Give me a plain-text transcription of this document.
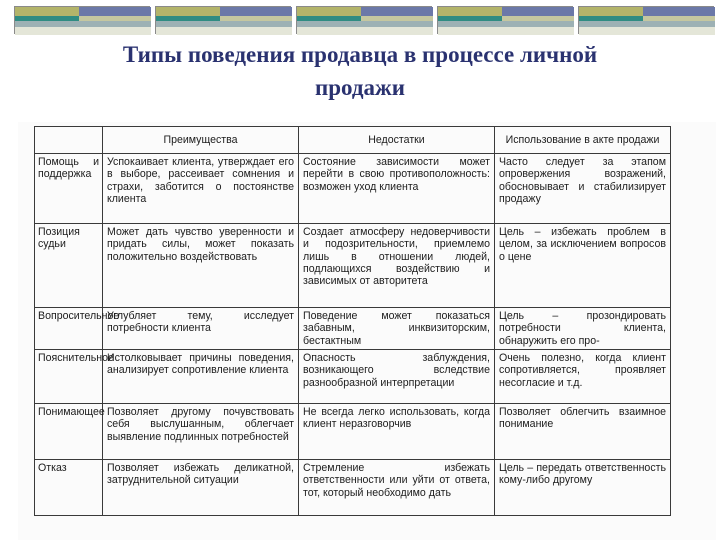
Типы поведения продавца в процессе личной
продажи
	Преимущества	Недостатки	Использование в акте продажи
Помощь и поддержка	Успокаивает клиента, утверждает его в выборе, рассеивает сомнения и страхи, заботится о постоянстве клиента	Состояние зависимости может перейти в свою противоположность: возможен уход клиента	Часто следует за этапом опровержения возражений, обосновывает и стабилизирует продажу
Позиция судьи	Может дать чувство уверенности и придать силы, может показать положительно воздействовать	Создает атмосферу недоверчивости и подозрительности, приемлемо лишь в отношении людей, подлающихся воздействию и зависимых от авторитета	Цель – избежать проблем в целом, за исключением вопросов о цене
Вопросительное	Углубляет тему, исследует потребности клиента	Поведение может показаться забавным, инквизиторским, бестактным	Цель – прозондировать потребности клиента, обнаружить его про-
Пояснительное	Истолковывает причины поведения, анализирует сопротивление клиента	Опасность заблуждения, возникающего вследствие разнообразной интерпретации	Очень полезно, когда клиент сопротивляется, проявляет несогласие и т.д.
Понимающее	Позволяет другому почувствовать себя выслушанным, облегчает выявление подлинных потребностей	Не всегда легко использовать, когда клиент неразговорчив	Позволяет облегчить взаимное понимание
Отказ	Позволяет избежать деликатной, затруднительной ситуации	Стремление избежать ответственности или уйти от ответа, тот, который необходимо дать	Цель – передать ответственность кому-либо другому
